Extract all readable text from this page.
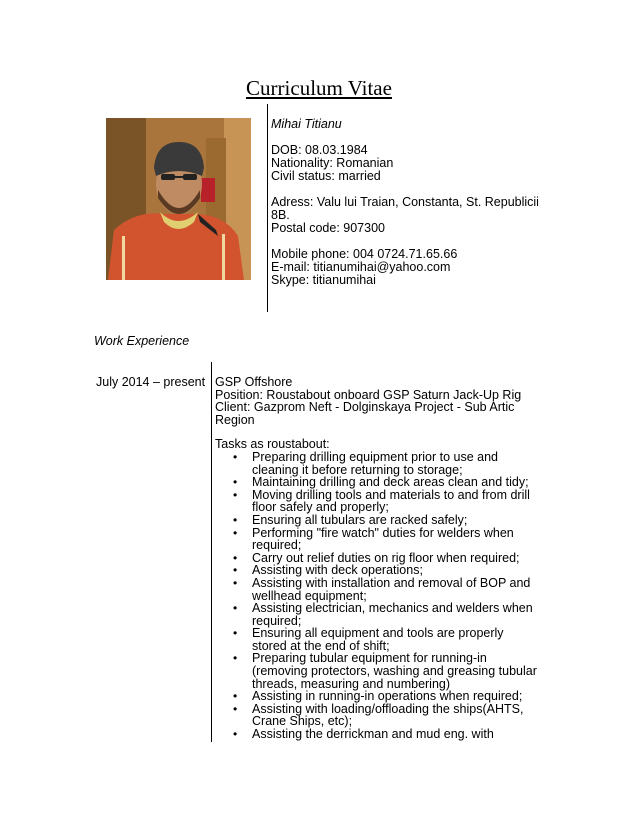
Curriculum Vitae
Mihai Titianu
DOB: 08.03.1984
Nationality: Romanian
Civil status: married
Adress: Valu lui Traian, Constanta, St. Republicii
8B.
Postal code: 907300
Mobile phone: 004 0724.71.65.66
E-mail: titianumihai@yahoo.com
Skype: titianumihai
Work Experience
July 2014 – present GSP Offshore
Position: Roustabout onboard GSP Saturn Jack-Up Rig
Client: Gazprom Neft - Dolginskaya Project - Sub Artic
Region
Tasks as roustabout:
• Preparing drilling equipment prior to use and
cleaning it before returning to storage;
• Maintaining drilling and deck areas clean and tidy;
• Moving drilling tools and materials to and from drill
floor safely and properly;
• Ensuring all tubulars are racked safely;
• Performing "fire watch" duties for welders when
required;
• Carry out relief duties on rig floor when required;
• Assisting with deck operations;
• Assisting with installation and removal of BOP and
wellhead equipment;
• Assisting electrician, mechanics and welders when
required;
• Ensuring all equipment and tools are properly
stored at the end of shift;
• Preparing tubular equipment for running-in
(removing protectors, washing and greasing tubular
threads, measuring and numbering)
• Assisting in running-in operations when required;
• Assisting with loading/offloading the ships(AHTS,
Crane Ships, etc);
• Assisting the derrickman and mud eng. with
